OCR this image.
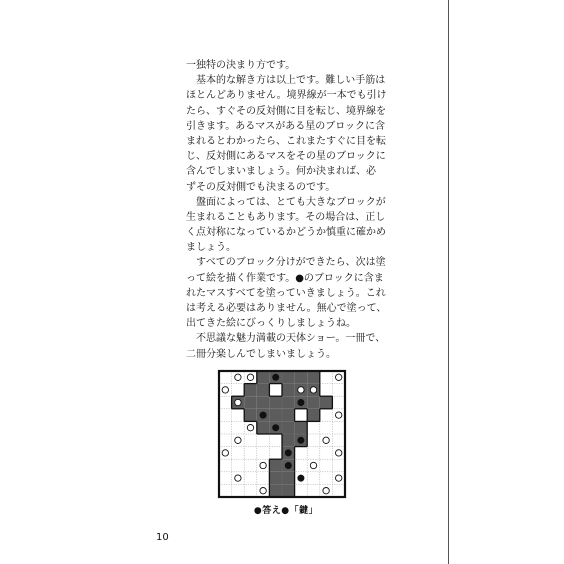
一独特の決まり方です。
　基本的な解き方は以上です。難しい手筋は
ほとんどありません。境界線が一本でも引け
たら、すぐその反対側に目を転じ、境界線を
引きます。あるマスがある星のブロックに含
まれるとわかったら、これまたすぐに目を転
じ、反対側にあるマスをその星のブロックに
含んでしまいましょう。何か決まれば、必
ずその反対側でも決まるのです。
　盤面によっては、とても大きなブロックが
生まれることもあります。その場合は、正し
く点対称になっているかどうか慎重に確かめ
ましょう。
　すべてのブロック分けができたら、次は塗
って絵を描く作業です。●のブロックに含ま
れたマスすべてを塗っていきましょう。これ
は考える必要はありません。無心で塗って、
出てきた絵にびっくりしましょうね。
　不思議な魅力満載の天体ショー。一冊で、
二冊分楽しんでしまいましょう。
●答え●「鍵」
10
